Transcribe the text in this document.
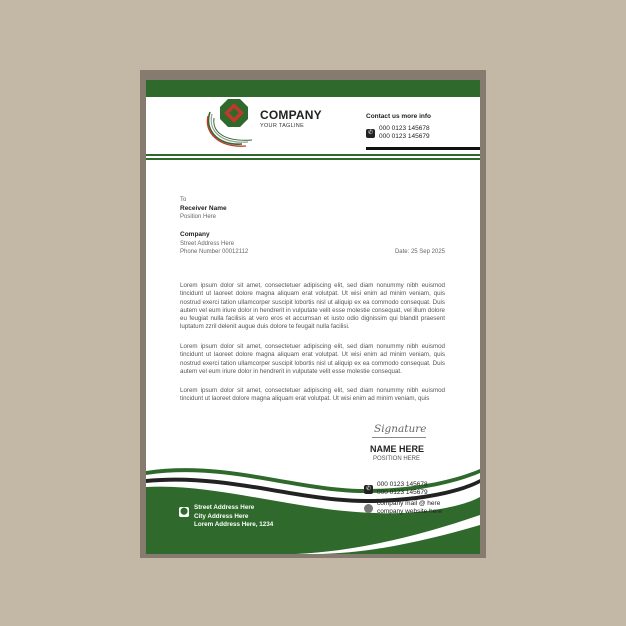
COMPANY
YOUR TAGLINE
Contact us more info
✆
000 0123 145678
000 0123 145679
To
Receiver Name
Position Here
Company
Street Address Here
Phone Number 00012112	Date: 25 Sep 2025
Lorem ipsum dolor sit amet, consectetuer adipiscing elit, sed diam nonummy nibh euismod tincidunt ut laoreet dolore magna aliquam erat volutpat. Ut wisi enim ad minim veniam, quis nostrud exerci tation ullamcorper suscipit lobortis nisl ut aliquip ex ea commodo consequat. Duis autem vel eum iriure dolor in hendrerit in vulputate velit esse molestie consequat, vel illum dolore eu feugiat nulla facilisis at vero eros et accumsan et iusto odio dignissim qui blandit praesent luptatum zzril delenit augue duis dolore te feugait nulla facilisi.
Lorem ipsum dolor sit amet, consectetuer adipiscing elit, sed diam nonummy nibh euismod tincidunt ut laoreet dolore magna aliquam erat volutpat. Ut wisi enim ad minim veniam, quis nostrud exerci tation ullamcorper suscipit lobortis nisl ut aliquip ex ea commodo consequat. Duis autem vel eum iriure dolor in hendrerit in vulputate velit esse molestie consequat.
Lorem ipsum dolor sit amet, consectetuer adipiscing elit, sed diam nonummy nibh euismod tincidunt ut laoreet dolore magna aliquam erat volutpat. Ut wisi enim ad minim veniam, quis
Signature
NAME HERE
POSITION HERE
⬤
Street Address Here
City Address Here
Lorem Address Here, 1234
✆
000 0123 145678
000 0123 145679
company mail @ here
company website here
